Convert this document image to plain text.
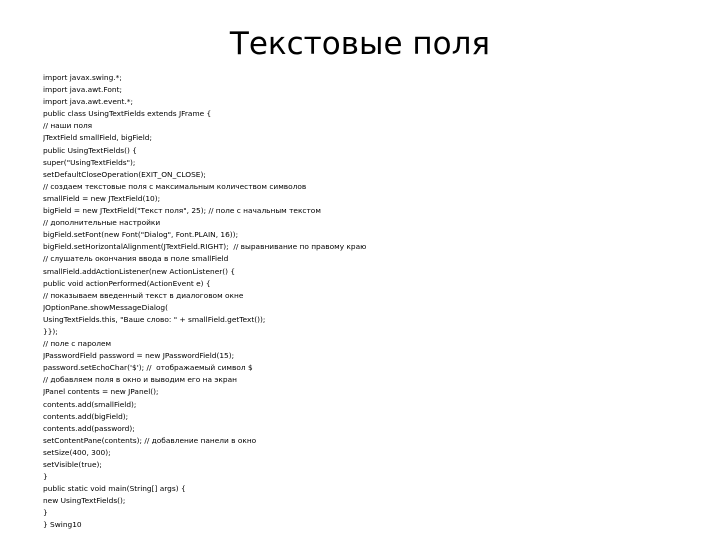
Текстовые поля
import javax.swing.*;
import java.awt.Font;
import java.awt.event.*;
public class UsingTextFields extends JFrame {
// наши поля
JTextField smallField, bigField;
public UsingTextFields() {
super("UsingTextFields");
setDefaultCloseOperation(EXIT_ON_CLOSE);
// создаем текстовые поля с максимальным количеством символов
smallField = new JTextField(10);
bigField = new JTextField("Текст поля", 25); // поле с начальным текстом
// дополнительные настройки
bigField.setFont(new Font("Dialog", Font.PLAIN, 16));
bigField.setHorizontalAlignment(JTextField.RIGHT);  // выравнивание по правому краю
// слушатель окончания ввода в поле smallField
smallField.addActionListener(new ActionListener() {
public void actionPerformed(ActionEvent e) {
// показываем введенный текст в диалоговом окне
JOptionPane.showMessageDialog(
UsingTextFields.this, "Ваше слово: " + smallField.getText());
}});
// поле с паролем
JPasswordField password = new JPasswordField(15);
password.setEchoChar('$'); //  отображаемый символ $
// добавляем поля в окно и выводим его на экран
JPanel contents = new JPanel();
contents.add(smallField);
contents.add(bigField);
contents.add(password);
setContentPane(contents); // добавление панели в окно
setSize(400, 300);
setVisible(true);
}
public static void main(String[] args) {
new UsingTextFields();
}
} Swing10
